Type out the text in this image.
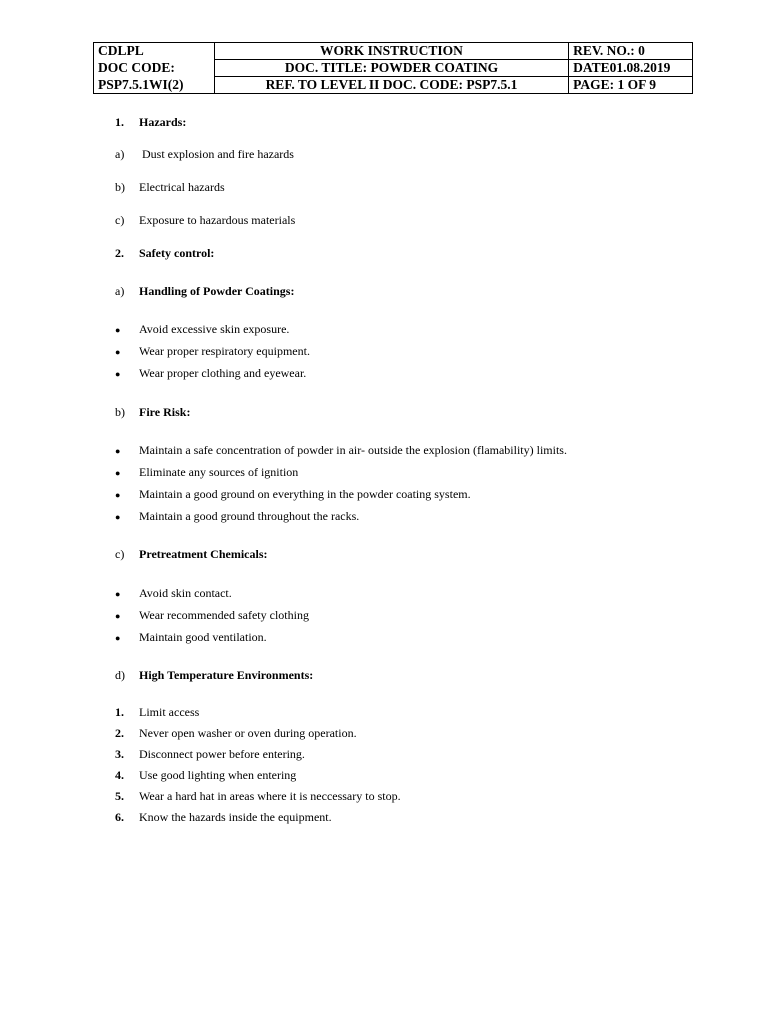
CDLPL	WORK INSTRUCTION	REV. NO.: 0
DOC CODE:	DOC. TITLE: POWDER COATING	DATE01.08.2019
PSP7.5.1WI(2)	REF. TO LEVEL II DOC. CODE: PSP7.5.1	PAGE: 1 OF 9
1. Hazards:
a) Dust explosion and fire hazards
b) Electrical hazards
c) Exposure to hazardous materials
2. Safety control:
a) Handling of Powder Coatings:
● Avoid excessive skin exposure.
● Wear proper respiratory equipment.
● Wear proper clothing and eyewear.
b) Fire Risk:
● Maintain a safe concentration of powder in air- outside the explosion (flamability) limits.
● Eliminate any sources of ignition
● Maintain a good ground on everything in the powder coating system.
● Maintain a good ground throughout the racks.
c) Pretreatment Chemicals:
● Avoid skin contact.
● Wear recommended safety clothing
● Maintain good ventilation.
d) High Temperature Environments:
1. Limit access
2. Never open washer or oven during operation.
3. Disconnect power before entering.
4. Use good lighting when entering
5. Wear a hard hat in areas where it is neccessary to stop.
6. Know the hazards inside the equipment.
